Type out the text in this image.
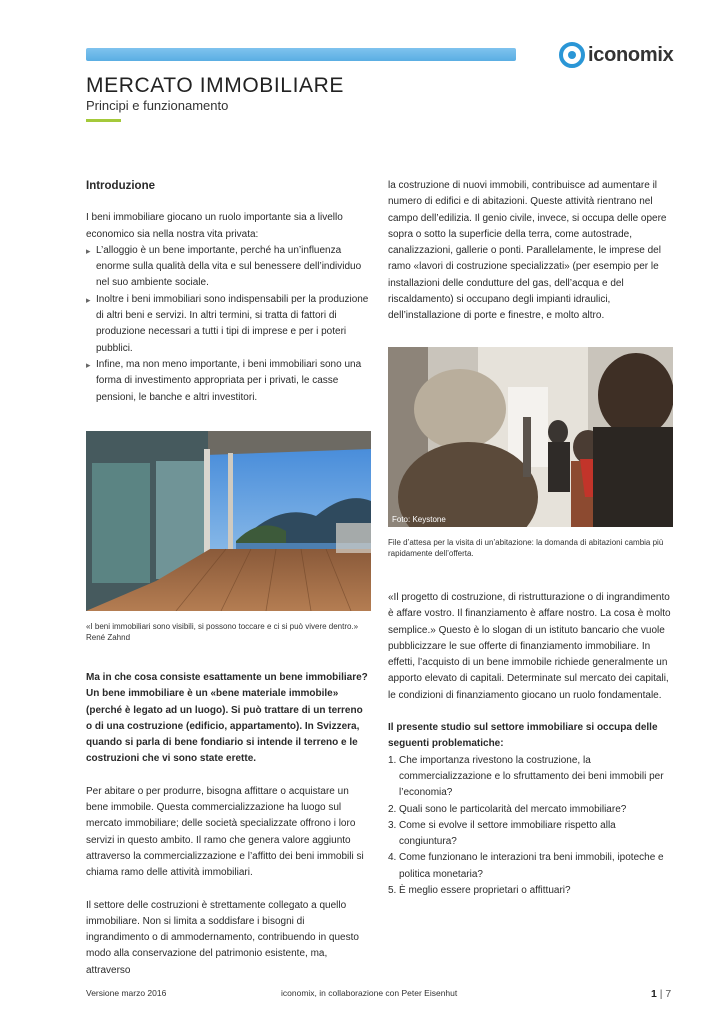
iconomix
MERCATO IMMOBILIARE
Principi e funzionamento
Introduzione

I beni immobiliare giocano un ruolo importante sia a livello economico sia nella nostra vita privata:

▸ L’alloggio è un bene importante, perché ha un’influenza enorme sulla qualità della vita e sul benessere dell’individuo nel suo ambiente sociale.
▸ Inoltre i beni immobiliari sono indispensabili per la produzione di altri beni e servizi. In altri termini, si tratta di fattori di produzione necessari a tutti i tipi di imprese e per i poteri pubblici.
▸ Infine, ma non meno importante, i beni immobiliari sono una forma di investimento appropriata per i privati, le casse pensioni, le banche e altri investitori.
«I beni immobiliari sono visibili, si possono toccare e ci si può vivere dentro.» René Zahnd

Ma in che cosa consiste esattamente un bene immobiliare? Un bene immobiliare è un «bene materiale immobile» (perché è legato ad un luogo). Si può trattare di un terreno o di una costruzione (edificio, appartamento). In Svizzera, quando si parla di bene fondiario si intende il terreno e le costruzioni che vi sono state erette.

Per abitare o per produrre, bisogna affittare o acquistare un bene immobile. Questa commercializzazione ha luogo sul mercato immobiliare; delle società specializzate offrono i loro servizi in questo ambito. Il ramo che genera valore aggiunto attraverso la commercializzazione e l’affitto dei beni immobili si chiama ramo delle attività immobiliari.

Il settore delle costruzioni è strettamente collegato a quello immobiliare. Non si limita a soddisfare i bisogni di ingrandimento o di ammodernamento, contribuendo in questo modo alla conservazione del patrimonio esistente, ma, attraverso

la costruzione di nuovi immobili, contribuisce ad aumentare il numero di edifici e di abitazioni. Queste attività rientrano nel campo dell’edilizia. Il genio civile, invece, si occupa delle opere sopra o sotto la superficie della terra, come autostrade, canalizzazioni, gallerie o ponti. Parallelamente, le imprese del ramo «lavori di costruzione specializzati» (per esempio per le installazioni delle condutture del gas, dell’acqua e del riscaldamento) si occupano degli impianti idraulici, dell’installazione di porte e finestre, e molto altro.

Foto: Keystone
File d’attesa per la visita di un’abitazione: la domanda di abitazioni cambia più rapidamente dell’offerta.

«Il progetto di costruzione, di ristrutturazione o di ingrandimento è affare vostro. Il finanziamento è affare nostro. La cosa è molto semplice.» Questo è lo slogan di un istituto bancario che vuole pubblicizzare le sue offerte di finanziamento immobiliare. In effetti, l’acquisto di un bene immobile richiede generalmente un apporto elevato di capitali. Determinate sul mercato dei capitali, le condizioni di finanziamento giocano un ruolo fondamentale.

Il presente studio sul settore immobiliare si occupa delle seguenti problematiche:

1. Che importanza rivestono la costruzione, la commercializzazione e lo sfruttamento dei beni immobili per l’economia?
2. Quali sono le particolarità del mercato immobiliare?
3. Come si evolve il settore immobiliare rispetto alla congiuntura?
4. Come funzionano le interazioni tra beni immobili, ipoteche e politica monetaria?
5. È meglio essere proprietari o affittuari?
Versione marzo 2016	iconomix, in collaborazione con Peter Eisenhut	1 | 7
